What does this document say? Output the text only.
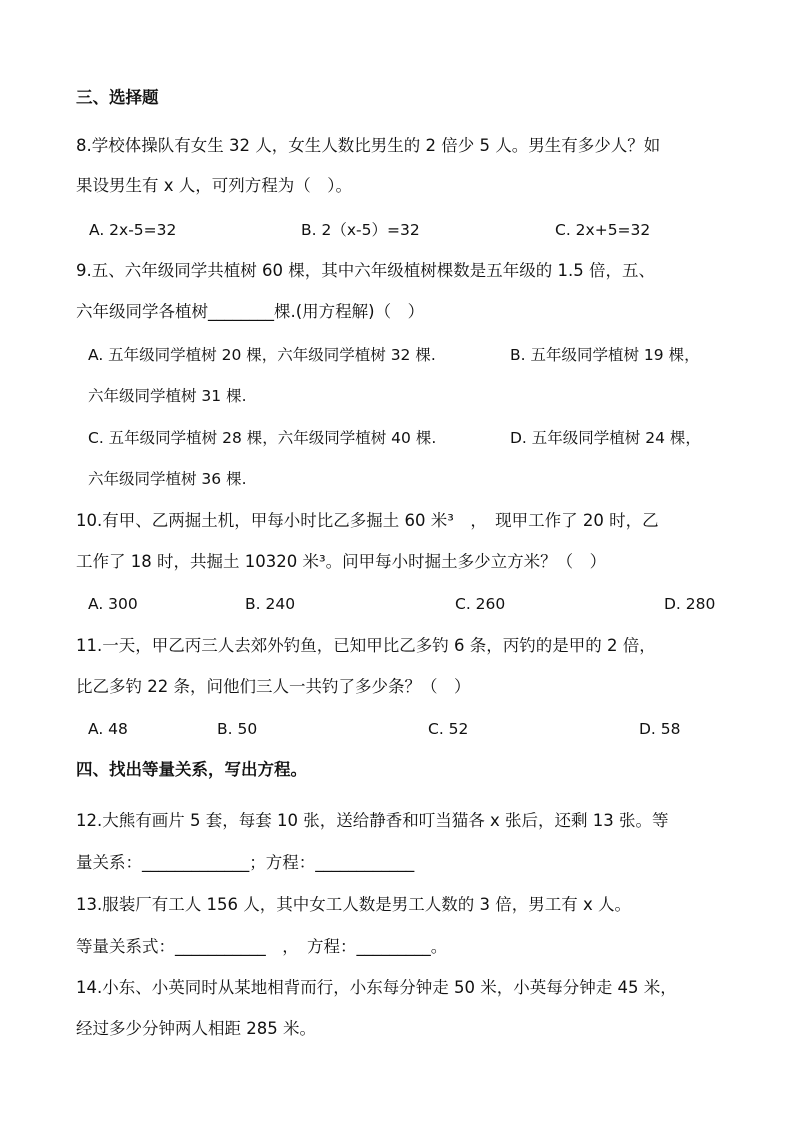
三、选择题
8.学校体操队有女生 32 人，女生人数比男生的 2 倍少 5 人。男生有多少人？如
果设男生有 x 人，可列方程为（　）。
A. 2x-5=32	B. 2（x-5）=32	C. 2x+5=32
9.五、六年级同学共植树 60 棵，其中六年级植树棵数是五年级的 1.5 倍，五、
六年级同学各植树________棵.(用方程解)（　）
A. 五年级同学植树 20 棵，六年级同学植树 32 棵.	B. 五年级同学植树 19 棵，
六年级同学植树 31 棵.
C. 五年级同学植树 28 棵，六年级同学植树 40 棵.	D. 五年级同学植树 24 棵，
六年级同学植树 36 棵.
10.有甲、乙两掘土机，甲每小时比乙多掘土 60 米³　，　现甲工作了 20 时，乙
工作了 18 时，共掘土 10320 米³。问甲每小时掘土多少立方米？（　）
A. 300	B. 240	C. 260	D. 280
11.一天，甲乙丙三人去郊外钓鱼，已知甲比乙多钓 6 条，丙钓的是甲的 2 倍，
比乙多钓 22 条，问他们三人一共钓了多少条？（　）
A. 48	B. 50	C. 52	D. 58
四、找出等量关系，写出方程。
12.大熊有画片 5 套，每套 10 张，送给静香和叮当猫各 x 张后，还剩 13 张。等
量关系：_____________；方程：____________
13.服装厂有工人 156 人，其中女工人数是男工人数的 3 倍，男工有 x 人。
等量关系式：___________　，　方程：_________。
14.小东、小英同时从某地相背而行，小东每分钟走 50 米，小英每分钟走 45 米，
经过多少分钟两人相距 285 米。
